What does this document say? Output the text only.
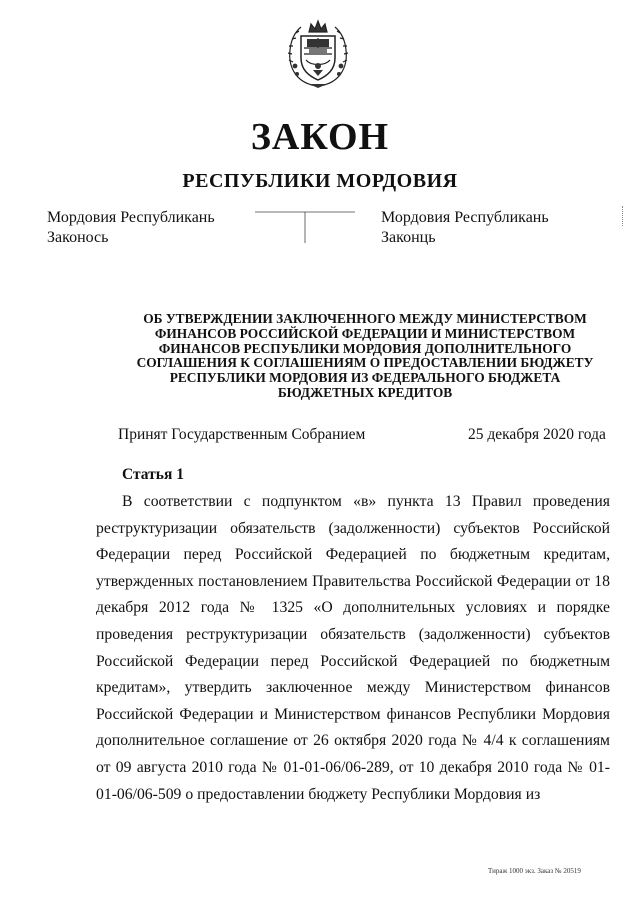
ЗАКОН
РЕСПУБЛИКИ МОРДОВИЯ
Мордовия Республикань
Законось
Мордовия Республикань
Законць
ОБ УТВЕРЖДЕНИИ ЗАКЛЮЧЕННОГО МЕЖДУ МИНИСТЕРСТВОМ
ФИНАНСОВ РОССИЙСКОЙ ФЕДЕРАЦИИ И МИНИСТЕРСТВОМ
ФИНАНСОВ РЕСПУБЛИКИ МОРДОВИЯ ДОПОЛНИТЕЛЬНОГО
СОГЛАШЕНИЯ К СОГЛАШЕНИЯМ О ПРЕДОСТАВЛЕНИИ БЮДЖЕТУ
РЕСПУБЛИКИ МОРДОВИЯ ИЗ ФЕДЕРАЛЬНОГО БЮДЖЕТА
БЮДЖЕТНЫХ КРЕДИТОВ
Принят Государственным Собранием	25 декабря 2020 года
Статья 1

В соответствии с подпунктом «в» пункта 13 Правил проведения реструктуризации обязательств (задолженности) субъектов Российской Федерации перед Российской Федерацией по бюджетным кредитам, утвержденных постановлением Правительства Российской Федерации от 18 декабря 2012 года № 1325 «О дополнительных условиях и порядке проведения реструктуризации обязательств (задолженности) субъектов Российской Федерации перед Российской Федерацией по бюджетным кредитам», утвердить заключенное между Министерством финансов Российской Федерации и Министерством финансов Республики Мордовия дополнительное соглашение от 26 октября 2020 года № 4/4 к соглашениям от 09 августа 2010 года № 01-01-06/06-289, от 10 декабря 2010 года № 01-01-06/06-509 о предоставлении бюджету Республики Мордовия из

Тираж 1000 экз. Заказ № 20519
